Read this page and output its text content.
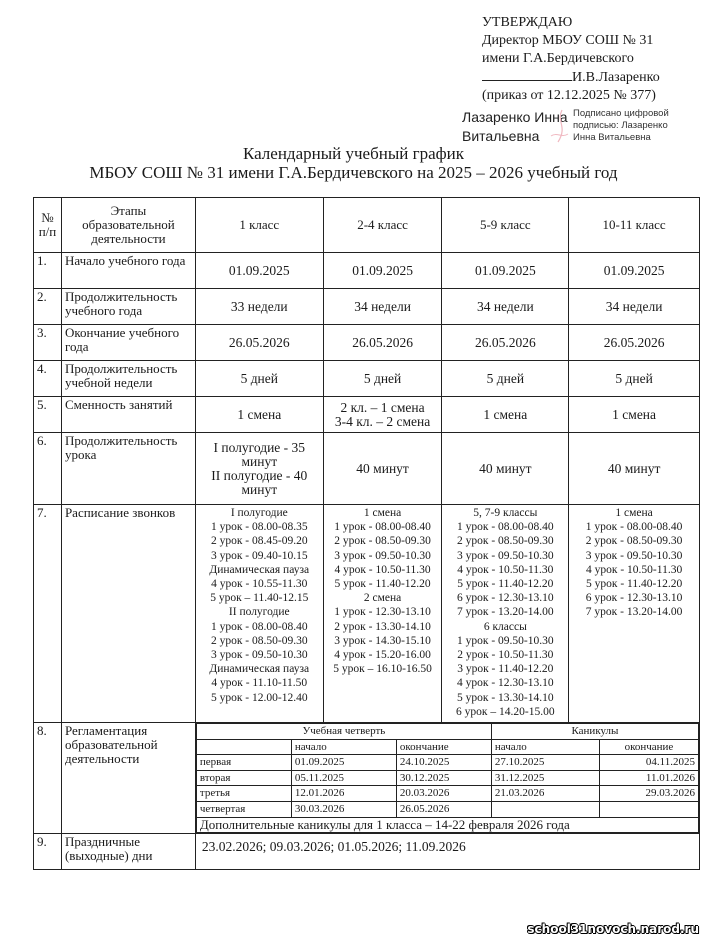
УТВЕРЖДАЮ
Директор МБОУ СОШ № 31
имени Г.А.Бердичевского
И.В.Лазаренко
(приказ от 12.12.2025 № 377)
Лазаренко Инна
Витальевна
Подписано цифровой
подписью: Лазаренко
Инна Витальевна
Календарный учебный график
МБОУ СОШ № 31 имени Г.А.Бердичевского на 2025 – 2026 учебный год
№ п/п	Этапы образовательной деятельности	1 класс	2-4 класс	5-9 класс	10-11 класс
1.	Начало учебного года	01.09.2025	01.09.2025	01.09.2025	01.09.2025
2.	Продолжительность учебного года	33 недели	34 недели	34 недели	34 недели
3.	Окончание учебного года	26.05.2026	26.05.2026	26.05.2026	26.05.2026
4.	Продолжительность учебной недели	5 дней	5 дней	5 дней	5 дней
5.	Сменность занятий	1 смена	2 кл. – 1 смена
3-4 кл. – 2 смена	1 смена	1 смена
6.	Продолжительность урока	I полугодие - 35 минут
II полугодие - 40 минут
	40 минут	40 минут	40 минут
7.	Расписание звонков	I полугодие
1 урок - 08.00-08.35
2 урок - 08.45-09.20
3 урок - 09.40-10.15
Динамическая пауза
4 урок - 10.55-11.30
5 урок – 11.40-12.15
II полугодие
1 урок - 08.00-08.40
2 урок - 08.50-09.30
3 урок - 09.50-10.30
Динамическая пауза
4 урок - 11.10-11.50
5 урок - 12.00-12.40

1 смена
1 урок - 08.00-08.40
2 урок - 08.50-09.30
3 урок - 09.50-10.30
4 урок - 10.50-11.30
5 урок - 11.40-12.20
2 смена
1 урок - 12.30-13.10
2 урок - 13.30-14.10
3 урок - 14.30-15.10
4 урок - 15.20-16.00
5 урок – 16.10-16.50

5, 7-9 классы
1 урок - 08.00-08.40
2 урок - 08.50-09.30
3 урок - 09.50-10.30
4 урок - 10.50-11.30
5 урок - 11.40-12.20
6 урок - 12.30-13.10
7 урок - 13.20-14.00
6 классы
1 урок - 09.50-10.30
2 урок - 10.50-11.30
3 урок - 11.40-12.20
4 урок - 12.30-13.10
5 урок - 13.30-14.10
6 урок – 14.20-15.00

1 смена
1 урок - 08.00-08.40
2 урок - 08.50-09.30
3 урок - 09.50-10.30
4 урок - 10.50-11.30
5 урок - 11.40-12.20
6 урок - 12.30-13.10
7 урок - 13.20-14.00

8.	Регламентация образовательной деятельности	
Учебная четверть	Каникулы
	начало	окончание	начало	окончание
первая	01.09.2025	24.10.2025	27.10.2025	04.11.2025
вторая	05.11.2025	30.12.2025	31.12.2025	11.01.2026
третья	12.01.2026	20.03.2026	21.03.2026	29.03.2026
четвертая	30.03.2026	26.05.2026		
Дополнительные каникулы для 1 класса – 14-22 февраля 2026 года

9.	Праздничные (выходные) дни	23.02.2026; 09.03.2026; 01.05.2026; 11.09.2026
school31novoch.narod.ru
